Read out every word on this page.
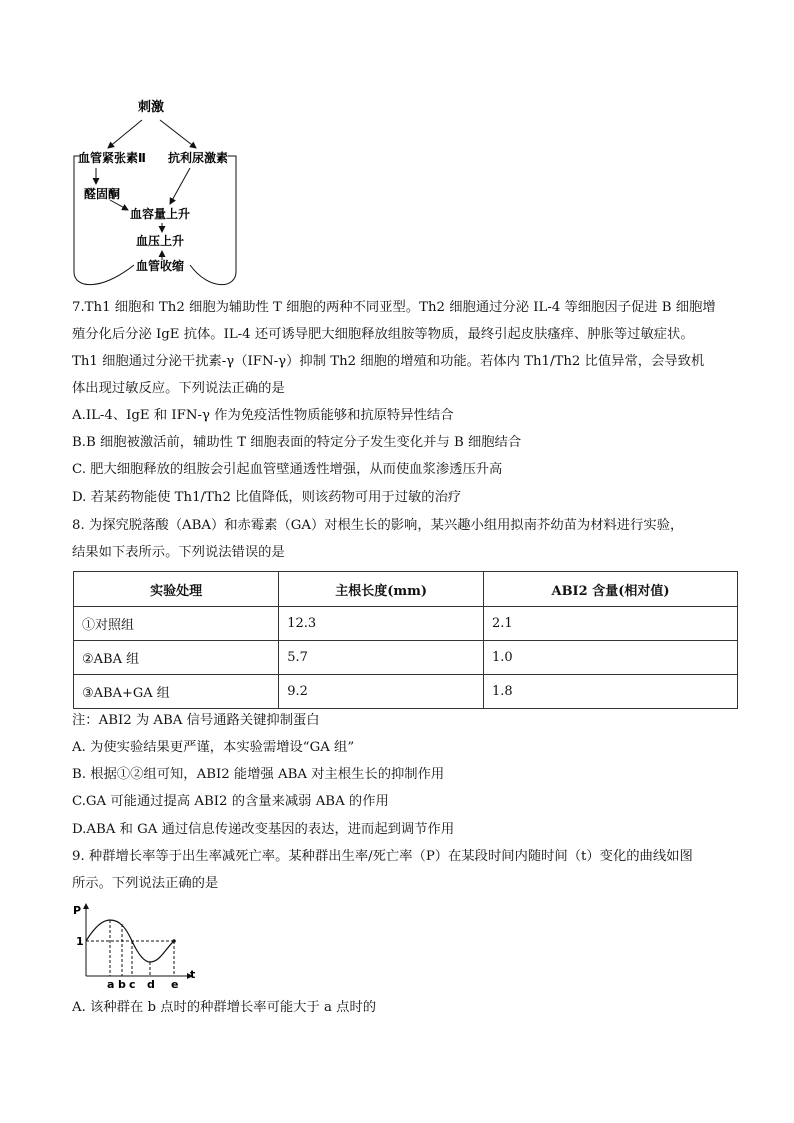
刺激
血管紧张素Ⅱ 抗利尿激素
醛固酮
血容量上升
血压上升
血管收缩
7.Th1 细胞和 Th2 细胞为辅助性 T 细胞的两种不同亚型。Th2 细胞通过分泌 IL-4 等细胞因子促进 B 细胞增
殖分化后分泌 IgE 抗体。IL-4 还可诱导肥大细胞释放组胺等物质，最终引起皮肤瘙痒、肿胀等过敏症状。
Th1 细胞通过分泌干扰素-γ（IFN-γ）抑制 Th2 细胞的增殖和功能。若体内 Th1/Th2 比值异常，会导致机
体出现过敏反应。下列说法正确的是
A.IL-4、IgE 和 IFN-γ 作为免疫活性物质能够和抗原特异性结合
B.B 细胞被激活前，辅助性 T 细胞表面的特定分子发生变化并与 B 细胞结合
C. 肥大细胞释放的组胺会引起血管壁通透性增强，从而使血浆渗透压升高
D. 若某药物能使 Th1/Th2 比值降低，则该药物可用于过敏的治疗
8. 为探究脱落酸（ABA）和赤霉素（GA）对根生长的影响，某兴趣小组用拟南芥幼苗为材料进行实验，
结果如下表所示。下列说法错误的是
实验处理	主根长度(mm)	ABI2 含量(相对值)
①对照组	12.3	2.1
②ABA 组	5.7	1.0
③ABA+GA 组	9.2	1.8
注：ABI2 为 ABA 信号通路关键抑制蛋白
A. 为使实验结果更严谨，本实验需增设“GA 组”
B. 根据①②组可知，ABI2 能增强 ABA 对主根生长的抑制作用
C.GA 可能通过提高 ABI2 的含量来减弱 ABA 的作用
D.ABA 和 GA 通过信息传递改变基因的表达，进而起到调节作用
9. 种群增长率等于出生率减死亡率。某种群出生率/死亡率（P）在某段时间内随时间（t）变化的曲线如图
所示。下列说法正确的是
P
t
1
a b c d e
A. 该种群在 b 点时的种群增长率可能大于 a 点时的
